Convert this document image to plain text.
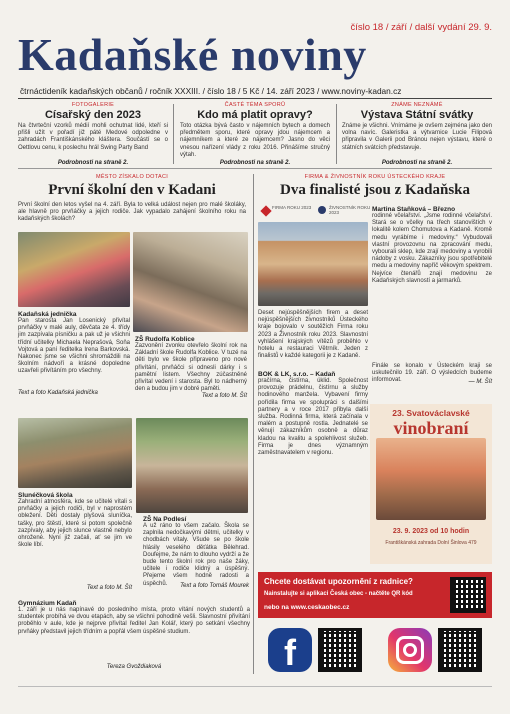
číslo 18 / září / další vydání 29. 9.
Kadaňské noviny
čtrnáctideník kadaňských občanů / ročník XXXIII. / číslo 18 / 5 Kč / 14. září 2023 / www.noviny-kadan.cz
FOTOGALERIE
Císařský den 2023
Na čtvrteční vzorků médií mohli ochutnat lidé, kteří si přišli užít v pořadí již páté Medové odpoledne v zahradách Františkánského kláštera. Součástí se o Oettlovu cenu, k poslechu hrál Swing Party Band
Podrobnosti na straně 2.
ČASTÉ TÉMA SPORŮ
Kdo má platit opravy?
Toto otázka bývá často v nájemních bytech a domech předmětem sporu, které opravy jdou nájemcem a nájemníkem a které ze nájemcem? Jasno do věci vnesou nařízení vlády z roku 2016. Přinášíme stručný výtah.
Podrobnosti na straně 2.
ZNÁME NEZNÁMÉ
Výstava Státní svátky
Známe je všichni. Vnímáme je ovšem zejména jako den volna navíc. Galeristka a výtvarnice Lucie Filipová připravila v Galerii pod Bránou nejen výstavu, které o státních svátcích představuje.
Podrobnosti na straně 2.
MĚSTO ZÍSKALO DOTACI
První školní den v Kadani
První školní den letos vyšel na 4. září. Byla to velká událost nejen pro malé školáky, ale hlavně pro prvňáčky a jejich rodiče. Jak vypadalo zahájení školního roku na kadaňských školách?
Kadaňská jednička
Pan starosta Jan Losenický přivítal prvňáčky v malé auly, děvčata ze 4. třídy jim zazpívala písničku a pak už je všichni třídní učitelky Michaela Neprašová, Soňa Vojtová a paní ředitelka Irena Barkovská. Nakonec jsme se všichni shromáždili na školním nádvoří a krásné dopoledne uzavřeli přivítáním pro všechny.
Text a foto Kadaňská jednička
ZŠ Rudolfa Koblice
Zazvonění zvonku otevřelo školní rok na Základní škole Rudolfa Koblice. V tuzé na děti bylo ve škole připraveno pro nové přivítání, prvňáčci si odnesli dárky i s pamětní listem. Všechny zúčastněné přivítal vedení i starosta. Byl to nádherný den a budou jim v dobré paměti.
Text a foto M. Šít
Slunéčková škola
Zahradní atmosféra, kde se učitelé vítali s prvňáčky a jejich rodiči, byl v naprostém obležení. Děti dostaly plyšová sluníčka, tašky, pro štěstí, které si potom společně zazpívaly, aby jejich slunce vlastně nebylo ohrožené. Nyní již začali, ať se jim ve škole líbí.
Text a foto M. Šít
ZŠ Na Podlesí
A už ráno to všem začalo. Škola se zaplnila nedočkavými dětmi, učitelky v chodbách vítaly. Všude se po škole hlásily veselého děťátka Bělehrad. Doufejme, že nám to dlouho vydrží a že bude tento školní rok pro naše žáky, učitele i rodiče klidný a úspěšný. Přejeme všem hodně radosti a úspěchů.	Text a foto Tomáš Mourek
Gymnázium Kadaň
1. září je u nás napínavé do posledního místa, proto vítání nových studentů a studentek probíhá ve dvou etapách, aby se všichni pohodlně vešli. Slavnostní přivítání proběhlo v aule, kde je nejprve přivítal ředitel Jan Kolář, který po setkání všechny prvňáky představil jejich třídním a popřál všem úspěšné studium.
Tereza Gvoždiaková
FIRMA & ŽIVNOSTNÍK ROKU ÚSTECKÉHO KRAJE
Dva finalisté jsou z Kadaňska
FIRMA ROKU 2023	ŽIVNOSTNÍK ROKU 2023
Deset nejúspěšnějších firem a deset nejúspěšnějších živnostníků Ústeckého kraje bojovalo v soutěžích Firma roku 2023 a Živnostník roku 2023. Slavnostní vyhlášení krajských vítězů proběhlo v hotelu a restauraci Větrník. Jeden z finalistů v každé kategorii je z Kadaně.
BOK & LK, s.r.o. – Kadaň
pračírna, čistírna, úklid. Společnost provozuje prádelnu, čistírnu a služby hodinového manžela. Vybavení firmy pořídila firma ve spolupráci s dalšími partnery a v roce 2017 přibyla další služba. Rodinná firma, která začínala v malém a postupně rostla. Jednatelé se věnují zákazníkům osobně a důraz kladou na kvalitu a spolehlivost služeb. Firma je dnes významným zaměstnavatelem v regionu.
Martina Staňková – Březno
rodinné včelařství. „Jsme rodinné včelařství. Stará se o včelky na třech stanovištích v lokalitě kolem Chomutova a Kadaně. Kromě medu vyrábíme i medoviny.“ Vybudovali vlastní provozovnu na zpracování medu, vybourali sklep, kde zrají medoviny a vyrobili nádoby z vosku. Zákazníky jsou spotřebitelé medu a medoviny napříč věkovým spektrem. Nejvíce čtenářů znají medovinu ze Kadaňských slavností a jarmarků.
Finále se konalo v Ústeckém kraji se uskutečnilo 19. září. O výsledcích budeme informovat.	— M. Šít
23. Svatováclavské
vinobraní
23. 9. 2023 od 10 hodin
Františkánská zahrada Dolní Šinlova 479
Chcete dostávat upozornění z radnice?
Nainstalujte si aplikaci Česká obec - načtěte QR kód
nebo na www.ceskaobec.cz
f
